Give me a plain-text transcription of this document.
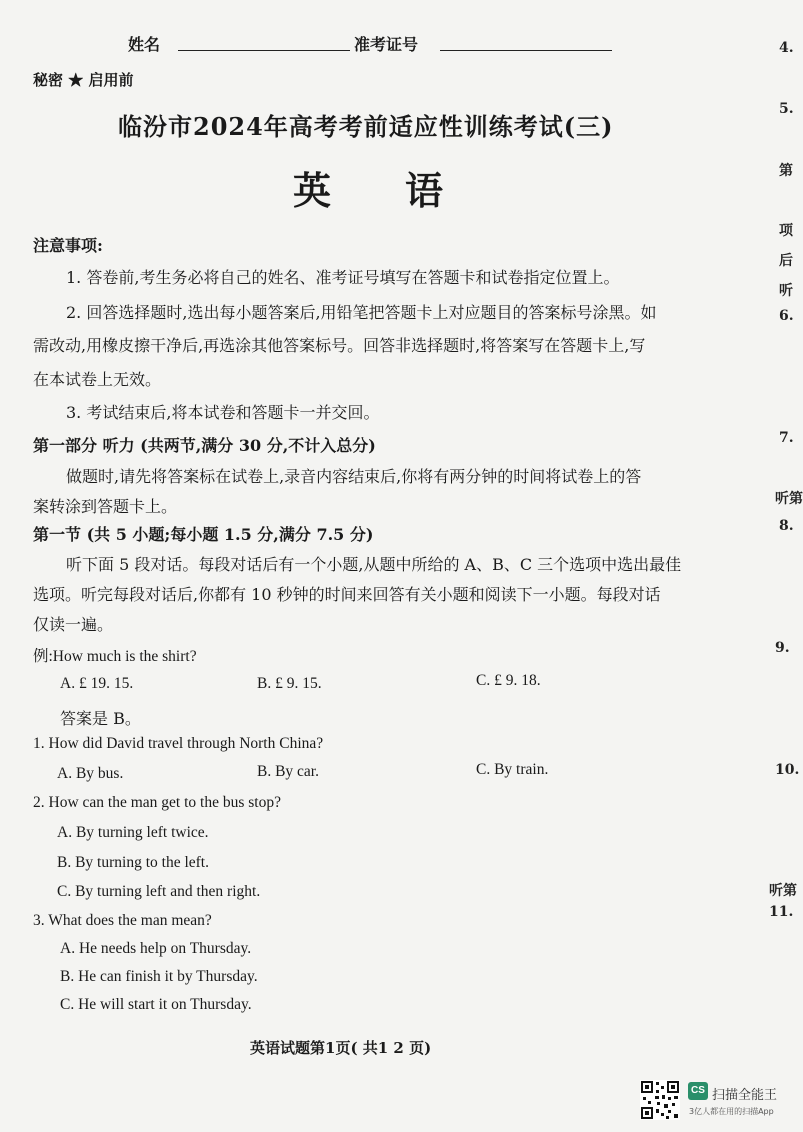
姓名	准考证号
秘密 ★ 启用前
临汾市2024年高考考前适应性训练考试(三)
英 语
注意事项:
1. 答卷前,考生务必将自己的姓名、准考证号填写在答题卡和试卷指定位置上。
2. 回答选择题时,选出每小题答案后,用铅笔把答题卡上对应题目的答案标号涂黑。如
需改动,用橡皮擦干净后,再选涂其他答案标号。回答非选择题时,将答案写在答题卡上,写
在本试卷上无效。
3. 考试结束后,将本试卷和答题卡一并交回。
第一部分 听力 (共两节,满分 30 分,不计入总分)
做题时,请先将答案标在试卷上,录音内容结束后,你将有两分钟的时间将试卷上的答
案转涂到答题卡上。
第一节 (共 5 小题;每小题 1.5 分,满分 7.5 分)
听下面 5 段对话。每段对话后有一个小题,从题中所给的 A、B、C 三个选项中选出最佳
选项。听完每段对话后,你都有 10 秒钟的时间来回答有关小题和阅读下一小题。每段对话
仅读一遍。
例:How much is the shirt?
A. £ 19. 15.	B. £ 9. 15.	C. £ 9. 18.
答案是 B。
1. How did David travel through North China?
A. By bus.	B. By car.	C. By train.
2. How can the man get to the bus stop?
A. By turning left twice.
B. By turning to the left.
C. By turning left and then right.
3. What does the man mean?
A. He needs help on Thursday.
B. He can finish it by Thursday.
C. He will start it on Thursday.
英语试题第1页( 共1 2 页)
CS 扫描全能王
3亿人都在用的扫描App
4.
5.
第
项
后
听
6.
7.
听第
8.
9.
10.
听第
11.
